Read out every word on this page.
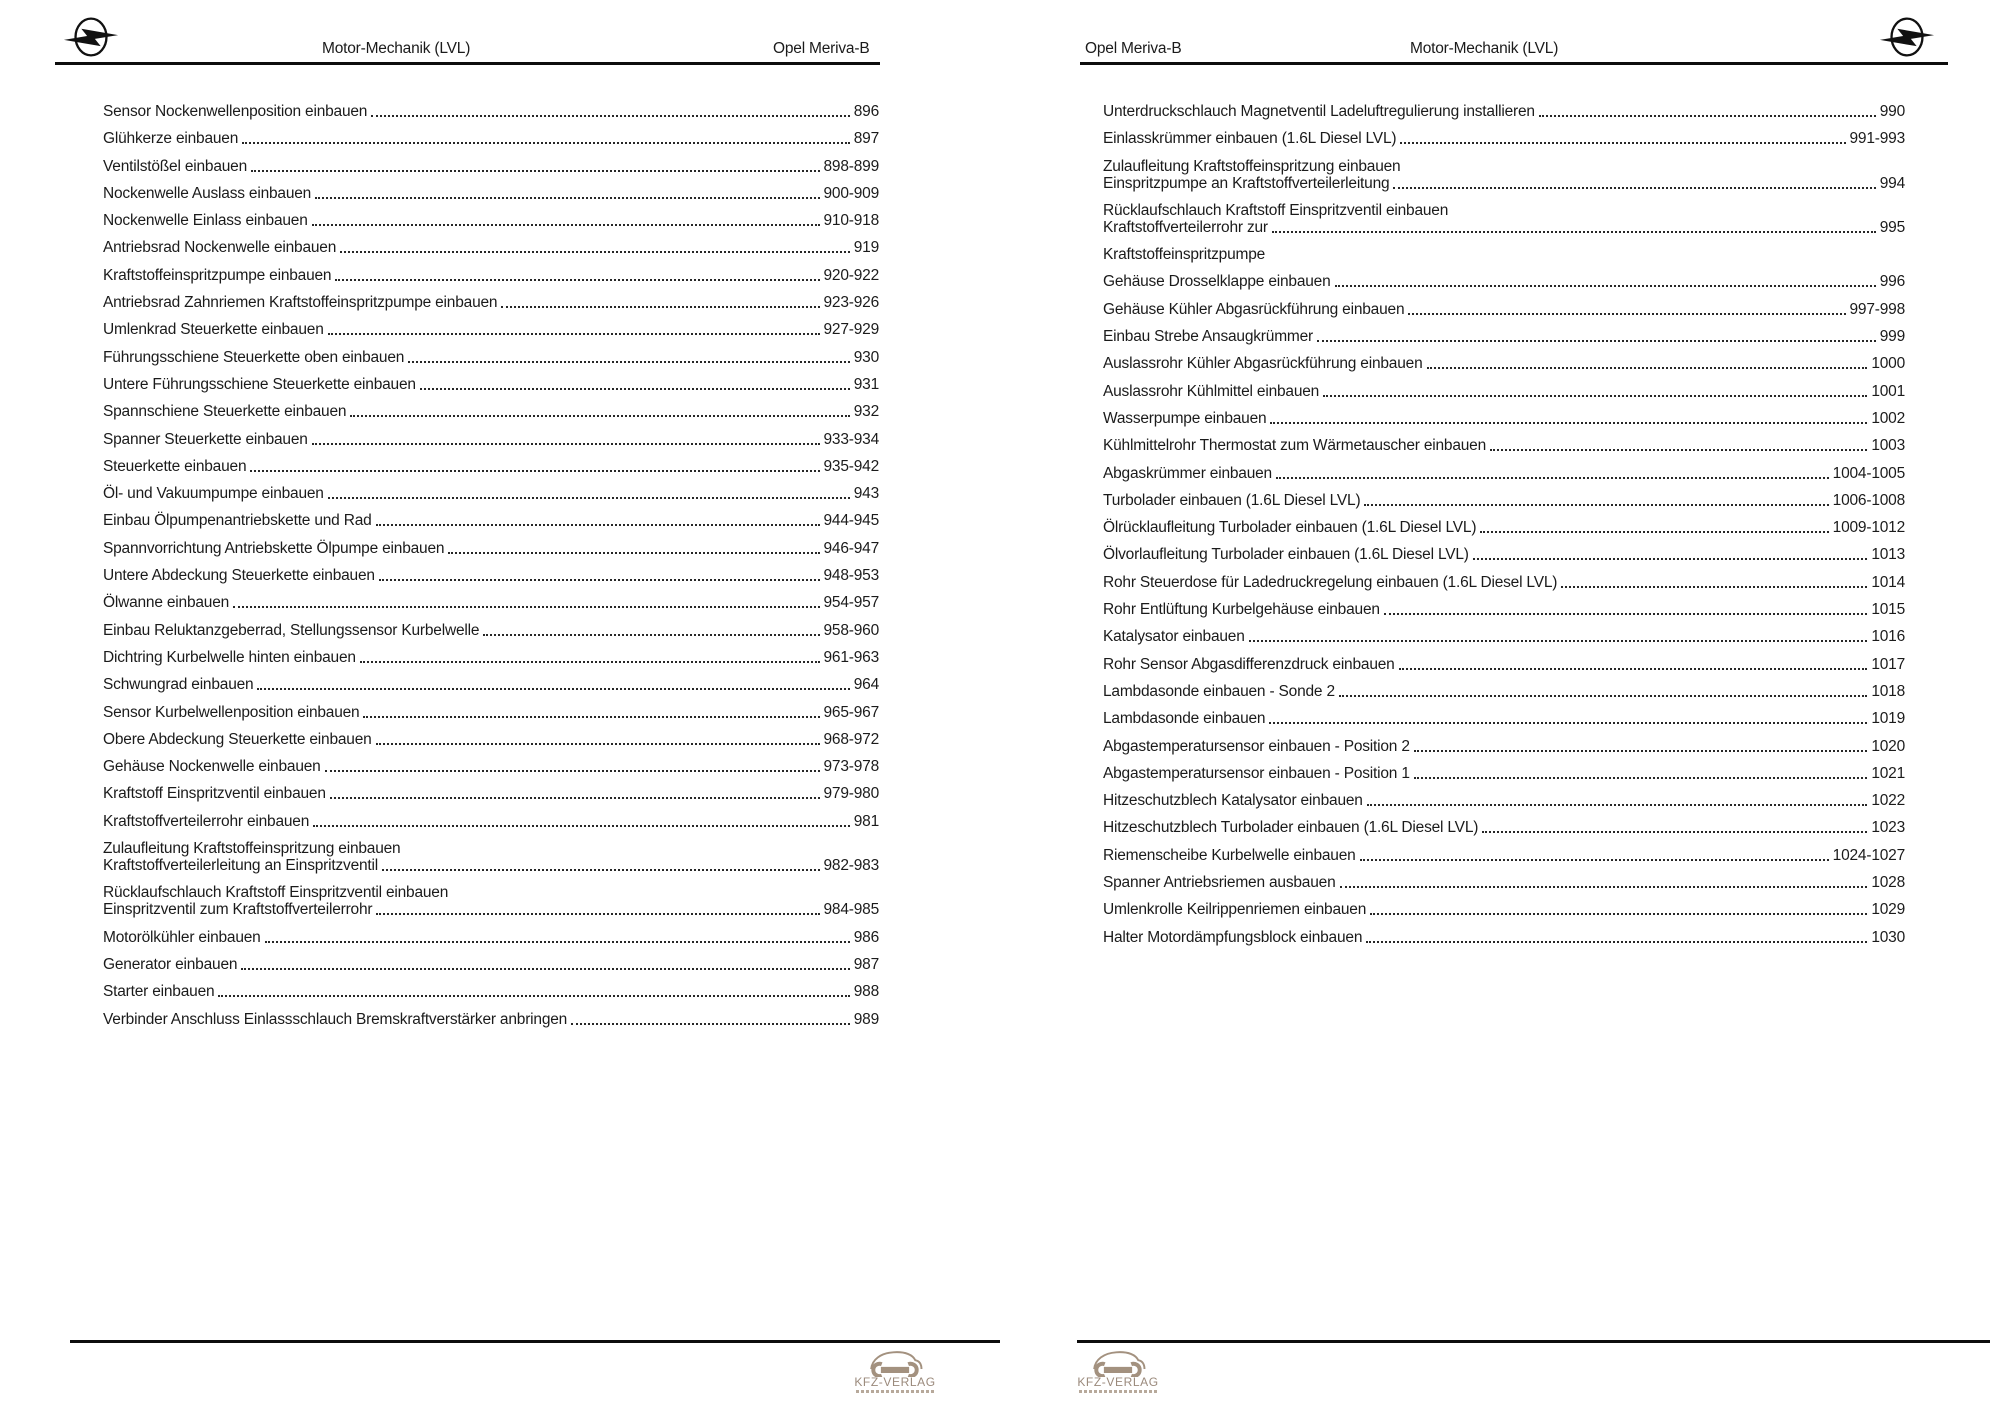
Motor-Mechanik (LVL)	Opel Meriva-B	Opel Meriva-B	Motor-Mechanik (LVL)
Sensor Nockenwellenposition einbauen	896
Glühkerze einbauen	897
Ventilstößel einbauen	898-899
Nockenwelle Auslass einbauen	900-909
Nockenwelle Einlass einbauen	910-918
Antriebsrad Nockenwelle einbauen	919
Kraftstoffeinspritzpumpe einbauen	920-922
Antriebsrad Zahnriemen Kraftstoffeinspritzpumpe einbauen	923-926
Umlenkrad Steuerkette einbauen	927-929
Führungsschiene Steuerkette oben einbauen	930
Untere Führungsschiene Steuerkette einbauen	931
Spannschiene Steuerkette einbauen	932
Spanner Steuerkette einbauen	933-934
Steuerkette einbauen	935-942
Öl- und Vakuumpumpe einbauen	943
Einbau Ölpumpenantriebskette und Rad	944-945
Spannvorrichtung Antriebskette Ölpumpe einbauen	946-947
Untere Abdeckung Steuerkette einbauen	948-953
Ölwanne einbauen	954-957
Einbau Reluktanzgeberrad, Stellungssensor Kurbelwelle	958-960
Dichtring Kurbelwelle hinten einbauen	961-963
Schwungrad einbauen	964
Sensor Kurbelwellenposition einbauen	965-967
Obere Abdeckung Steuerkette einbauen	968-972
Gehäuse Nockenwelle einbauen	973-978
Kraftstoff Einspritzventil einbauen	979-980
Kraftstoffverteilerrohr einbauen	981
Zulaufleitung Kraftstoffeinspritzung einbauen
Kraftstoffverteilerleitung an Einspritzventil	982-983
Rücklaufschlauch Kraftstoff Einspritzventil einbauen
Einspritzventil zum Kraftstoffverteilerrohr	984-985
Motorölkühler einbauen	986
Generator einbauen	987
Starter einbauen	988
Verbinder Anschluss Einlassschlauch Bremskraftverstärker anbringen	989
Unterdruckschlauch Magnetventil Ladeluftregulierung installieren	990
Einlasskrümmer einbauen (1.6L Diesel LVL)	991-993
Zulaufleitung Kraftstoffeinspritzung einbauen
Einspritzpumpe an Kraftstoffverteilerleitung	994
Rücklaufschlauch Kraftstoff Einspritzventil einbauen
Kraftstoffverteilerrohr zur	995
Kraftstoffeinspritzpumpe
Gehäuse Drosselklappe einbauen	996
Gehäuse Kühler Abgasrückführung einbauen	997-998
Einbau Strebe Ansaugkrümmer	999
Auslassrohr Kühler Abgasrückführung einbauen	1000
Auslassrohr Kühlmittel einbauen	1001
Wasserpumpe einbauen	1002
Kühlmittelrohr Thermostat zum Wärmetauscher einbauen	1003
Abgaskrümmer einbauen	1004-1005
Turbolader einbauen (1.6L Diesel LVL)	1006-1008
Ölrücklaufleitung Turbolader einbauen (1.6L Diesel LVL)	1009-1012
Ölvorlaufleitung Turbolader einbauen (1.6L Diesel LVL)	1013
Rohr Steuerdose für Ladedruckregelung einbauen (1.6L Diesel LVL)	1014
Rohr Entlüftung Kurbelgehäuse einbauen	1015
Katalysator einbauen	1016
Rohr Sensor Abgasdifferenzdruck einbauen	1017
Lambdasonde einbauen - Sonde 2	1018
Lambdasonde einbauen	1019
Abgastemperatursensor einbauen - Position 2	1020
Abgastemperatursensor einbauen - Position 1	1021
Hitzeschutzblech Katalysator einbauen	1022
Hitzeschutzblech Turbolader einbauen (1.6L Diesel LVL)	1023
Riemenscheibe Kurbelwelle einbauen	1024-1027
Spanner Antriebsriemen ausbauen	1028
Umlenkrolle Keilrippenriemen einbauen	1029
Halter Motordämpfungsblock einbauen	1030
KFZ-VERLAG	KFZ-VERLAG
